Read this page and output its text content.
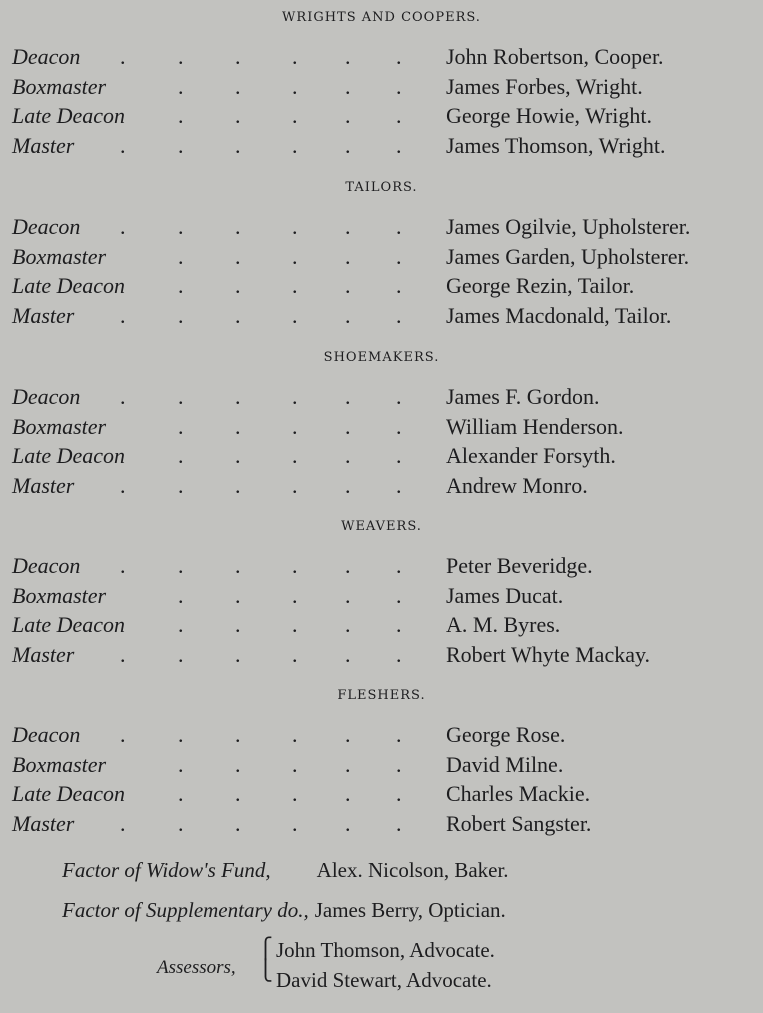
WRIGHTS AND COOPERS.
Deacon . . . . . . John Robertson, Cooper.
Boxmaster	. . . . . James Forbes, Wright.
Late Deacon . . . . . George Howie, Wright.
Master . . . . . . James Thomson, Wright.
TAILORS.
Deacon . . . . . . James Ogilvie, Upholsterer.
Boxmaster	. . . . . James Garden, Upholsterer.
Late Deacon . . . . . George Rezin, Tailor.
Master . . . . . . James Macdonald, Tailor.
SHOEMAKERS.
Deacon . . . . . . James F. Gordon.
Boxmaster	. . . . . William Henderson.
Late Deacon . . . . . Alexander Forsyth.
Master . . . . . . Andrew Monro.
WEAVERS.
Deacon . . . . . . Peter Beveridge.
Boxmaster	. . . . . James Ducat.
Late Deacon . . . . . A. M. Byres.
Master . . . . . . Robert Whyte Mackay.
FLESHERS.
Deacon . . . . . . George Rose.
Boxmaster	. . . . . David Milne.
Late Deacon . . . . . Charles Mackie.
Master . . . . . . Robert Sangster.
Factor of Widow's Fund, Alex. Nicolson, Baker.
Factor of Supplementary do., James Berry, Optician.
Assessors,
⎧
⎩
John Thomson, Advocate.
David Stewart, Advocate.
